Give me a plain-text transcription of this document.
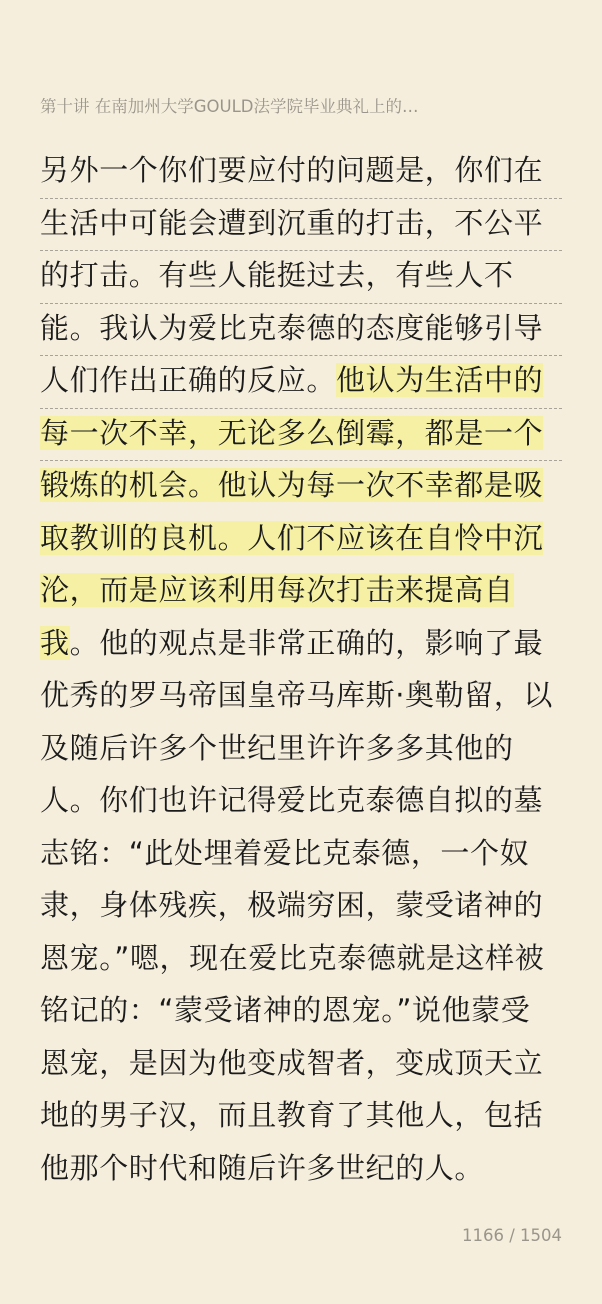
第十讲 在南加州大学GOULD法学院毕业典礼上的…
另外一个你们要应付的问题是，你们在
生活中可能会遭到沉重的打击，不公平
的打击。有些人能挺过去，有些人不
能。我认为爱比克泰德的态度能够引导
人们作出正确的反应。他认为生活中的
每一次不幸，无论多么倒霉，都是一个
锻炼的机会。他认为每一次不幸都是吸
取教训的良机。人们不应该在自怜中沉
沦，而是应该利用每次打击来提高自
我。他的观点是非常正确的，影响了最
优秀的罗马帝国皇帝马库斯·奥勒留，以
及随后许多个世纪里许许多多其他的
人。你们也许记得爱比克泰德自拟的墓
志铭：“此处埋着爱比克泰德，一个奴
隶，身体残疾，极端穷困，蒙受诸神的
恩宠。”嗯，现在爱比克泰德就是这样被
铭记的：“蒙受诸神的恩宠。”说他蒙受
恩宠，是因为他变成智者，变成顶天立
地的男子汉，而且教育了其他人，包括
他那个时代和随后许多世纪的人。
1166 / 1504
